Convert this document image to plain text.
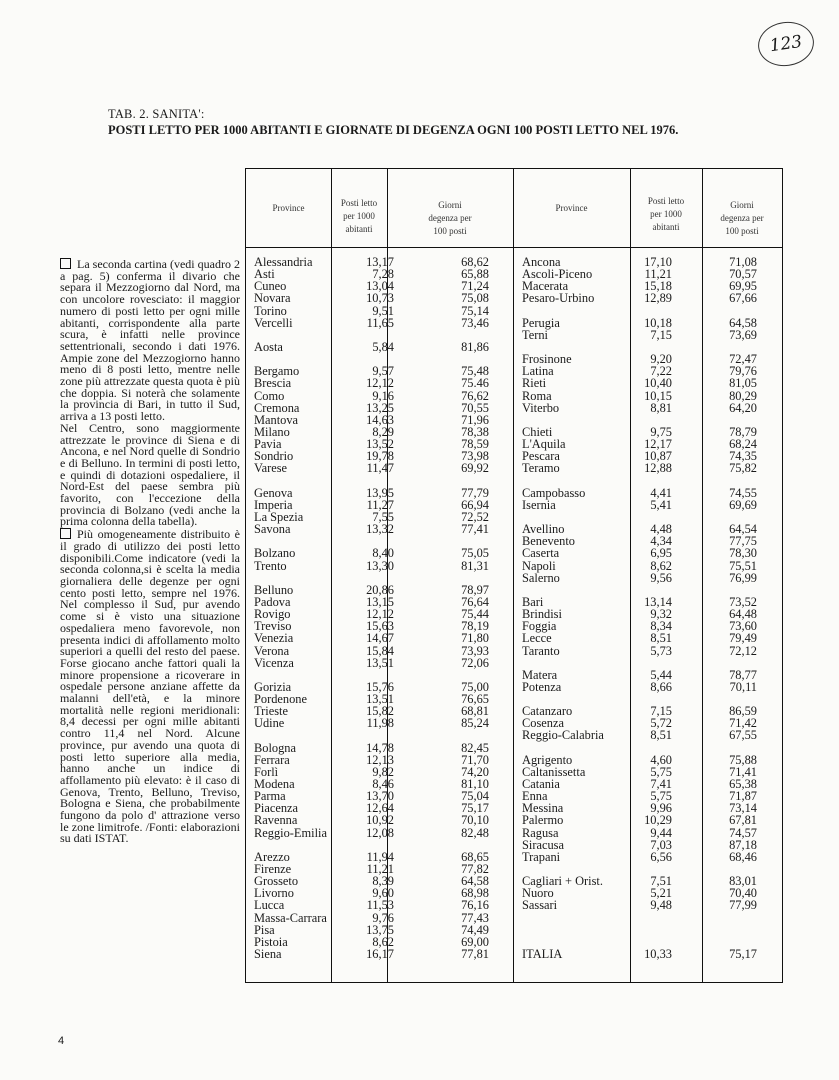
123
TAB. 2. SANITA':
POSTI LETTO PER 1000 ABITANTI E GIORNATE DI DEGENZA OGNI 100 POSTI LETTO NEL 1976.
Province	Posti letto
per 1000
abitanti
Giorni
degenza per
100 posti
Province
Posti letto
per 1000
abitanti
Giorni
degenza per
100 posti
Alessandria	13,17	68,62
Asti	7,28	65,88
Cuneo	13,04	71,24
Novara	10,73	75,08
Torino	9,51	75,14
Vercelli	11,65	73,46
Aosta	5,84	81,86
Bergamo	9,57	75,48
Brescia	12,12	75.46
Como	9,16	76,62
Cremona	13,25	70,55
Mantova	14,63	71,96
Milano	8,29	78,38
Pavia	13,52	78,59
Sondrio	19,78	73,98
Varese	11,47	69,92
Genova	13,95	77,79
Imperia	11,27	66,94
La Spezia	7,55	72,52
Savona	13,32	77,41
Bolzano	8,40	75,05
Trento	13,30	81,31
Belluno	20,86	78,97
Padova	13,15	76,64
Rovigo	12,12	75,44
Treviso	15,63	78,19
Venezia	14,67	71,80
Verona	15,84	73,93
Vicenza	13,51	72,06
Gorizia	15,76	75,00
Pordenone	13,51	76,65
Trieste	15,82	68,81
Udine	11,98	85,24
Bologna	14,78	82,45
Ferrara	12,13	71,70
Forlì	9,82	74,20
Modena	8,46	81,10
Parma	13,70	75,04
Piacenza	12,64	75,17
Ravenna	10,92	70,10
Reggio-Emilia	12,08	82,48
Arezzo	11,94	68,65
Firenze	11,21	77,82
Grosseto	8,39	64,58
Livorno	9,60	68,98
Lucca	11,53	76,16
Massa-Carrara	9,76	77,43
Pisa	13,75	74,49
Pistoia	8,62	69,00
Siena	16,17	77,81
Ancona	17,10	71,08
Ascoli-Piceno	11,21	70,57
Macerata	15,18	69,95
Pesaro-Urbino	12,89	67,66
Perugia	10,18	64,58
Terni	7,15	73,69
Frosinone	9,20	72,47
Latina	7,22	79,76
Rieti	10,40	81,05
Roma	10,15	80,29
Viterbo	8,81	64,20
Chieti	9,75	78,79
L'Aquila	12,17	68,24
Pescara	10,87	74,35
Teramo	12,88	75,82
Campobasso	4,41	74,55
Isernia	5,41	69,69
Avellino	4,48	64,54
Benevento	4,34	77,75
Caserta	6,95	78,30
Napoli	8,62	75,51
Salerno	9,56	76,99
Bari	13,14	73,52
Brindisi	9,32	64,48
Foggia	8,34	73,60
Lecce	8,51	79,49
Taranto	5,73	72,12
Matera	5,44	78,77
Potenza	8,66	70,11
Catanzaro	7,15	86,59
Cosenza	5,72	71,42
Reggio-Calabria	8,51	67,55
Agrigento	4,60	75,88
Caltanissetta	5,75	71,41
Catania	7,41	65,38
Enna	5,75	71,87
Messina	9,96	73,14
Palermo	10,29	67,81
Ragusa	9,44	74,57
Siracusa	7,03	87,18
Trapani	6,56	68,46
Cagliari + Orist.	7,51	83,01
Nuoro	5,21	70,40
Sassari	9,48	77,99
ITALIA	10,33	75,17

La seconda cartina (vedi quadro 2 a pag. 5) conferma il divario che separa il Mezzogiorno dal Nord, ma con uncolore rovesciato: il maggior numero di posti letto per ogni mille abitanti, corrispondente alla parte scura, è infatti nelle province settentrionali, secondo i dati 1976. Ampie zone del Mezzogiorno hanno meno di 8 posti letto, mentre nelle zone più attrezzate questa quota è più che doppia. Si noterà che solamente la provincia di Bari, in tutto il Sud, arriva a 13 posti letto.

Nel Centro, sono maggiormente attrezzate le province di Siena e di Ancona, e nel Nord quelle di Sondrio e di Belluno. In termini di posti letto, e quindi di dotazioni ospedaliere, il Nord-Est del paese sembra più favorito, con l'eccezione della provincia di Bolzano (vedi anche la prima colonna della tabella).

Più omogeneamente distribuito è il grado di utilizzo dei posti letto disponibili.Come indicatore (vedi la seconda colonna,si è scelta la media giornaliera delle degenze per ogni cento posti letto, sempre nel 1976. Nel complesso il Sud, pur avendo come si è visto una situazione ospedaliera meno favorevole, non presenta indici di affollamento molto superiori a quelli del resto del paese. Forse giocano anche fattori quali la minore propensione a ricoverare in ospedale persone anziane affette da malanni dell'età, e la minore mortalità nelle regioni meridionali: 8,4 decessi per ogni mille abitanti contro 11,4 nel Nord. Alcune province, pur avendo una quota di posti letto superiore alla media, hanno anche un indice di affollamento più elevato: è il caso di Genova, Trento, Belluno, Treviso, Bologna e Siena, che probabilmente fungono da polo d' attrazione verso le zone limitrofe. /Fonti: elaborazioni su dati ISTAT.

4
